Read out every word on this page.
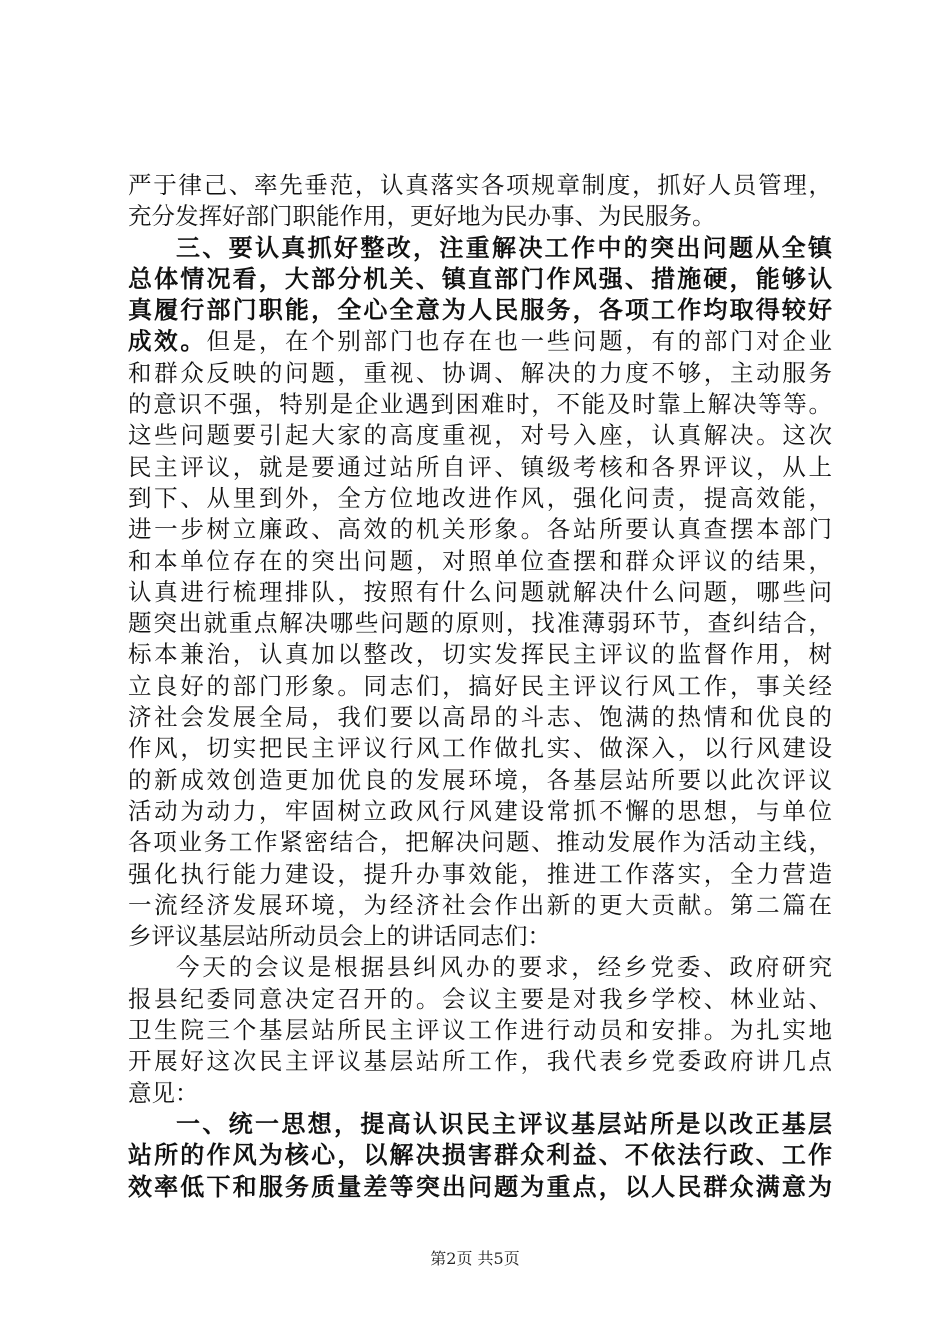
严于律己、率先垂范，认真落实各项规章制度，抓好人员管理，
充分发挥好部门职能作用，更好地为民办事、为民服务。
三、要认真抓好整改，注重解决工作中的突出问题从全镇
总体情况看，大部分机关、镇直部门作风强、措施硬，能够认
真履行部门职能，全心全意为人民服务，各项工作均取得较好
成效。但是，在个别部门也存在也一些问题，有的部门对企业
和群众反映的问题，重视、协调、解决的力度不够，主动服务
的意识不强，特别是企业遇到困难时，不能及时靠上解决等等。
这些问题要引起大家的高度重视，对号入座，认真解决。这次
民主评议，就是要通过站所自评、镇级考核和各界评议，从上
到下、从里到外，全方位地改进作风，强化问责，提高效能，
进一步树立廉政、高效的机关形象。各站所要认真查摆本部门
和本单位存在的突出问题，对照单位查摆和群众评议的结果，
认真进行梳理排队，按照有什么问题就解决什么问题，哪些问
题突出就重点解决哪些问题的原则，找准薄弱环节，查纠结合，
标本兼治，认真加以整改，切实发挥民主评议的监督作用，树
立良好的部门形象。同志们，搞好民主评议行风工作，事关经
济社会发展全局，我们要以高昂的斗志、饱满的热情和优良的
作风，切实把民主评议行风工作做扎实、做深入，以行风建设
的新成效创造更加优良的发展环境，各基层站所要以此次评议
活动为动力，牢固树立政风行风建设常抓不懈的思想，与单位
各项业务工作紧密结合，把解决问题、推动发展作为活动主线，
强化执行能力建设，提升办事效能，推进工作落实，全力营造
一流经济发展环境，为经济社会作出新的更大贡献。第二篇在
乡评议基层站所动员会上的讲话同志们：
今天的会议是根据县纠风办的要求，经乡党委、政府研究
报县纪委同意决定召开的。会议主要是对我乡学校、林业站、
卫生院三个基层站所民主评议工作进行动员和安排。为扎实地
开展好这次民主评议基层站所工作，我代表乡党委政府讲几点
意见：
一、统一思想，提高认识民主评议基层站所是以改正基层
站所的作风为核心，以解决损害群众利益、不依法行政、工作
效率低下和服务质量差等突出问题为重点，以人民群众满意为
第2页 共5页
